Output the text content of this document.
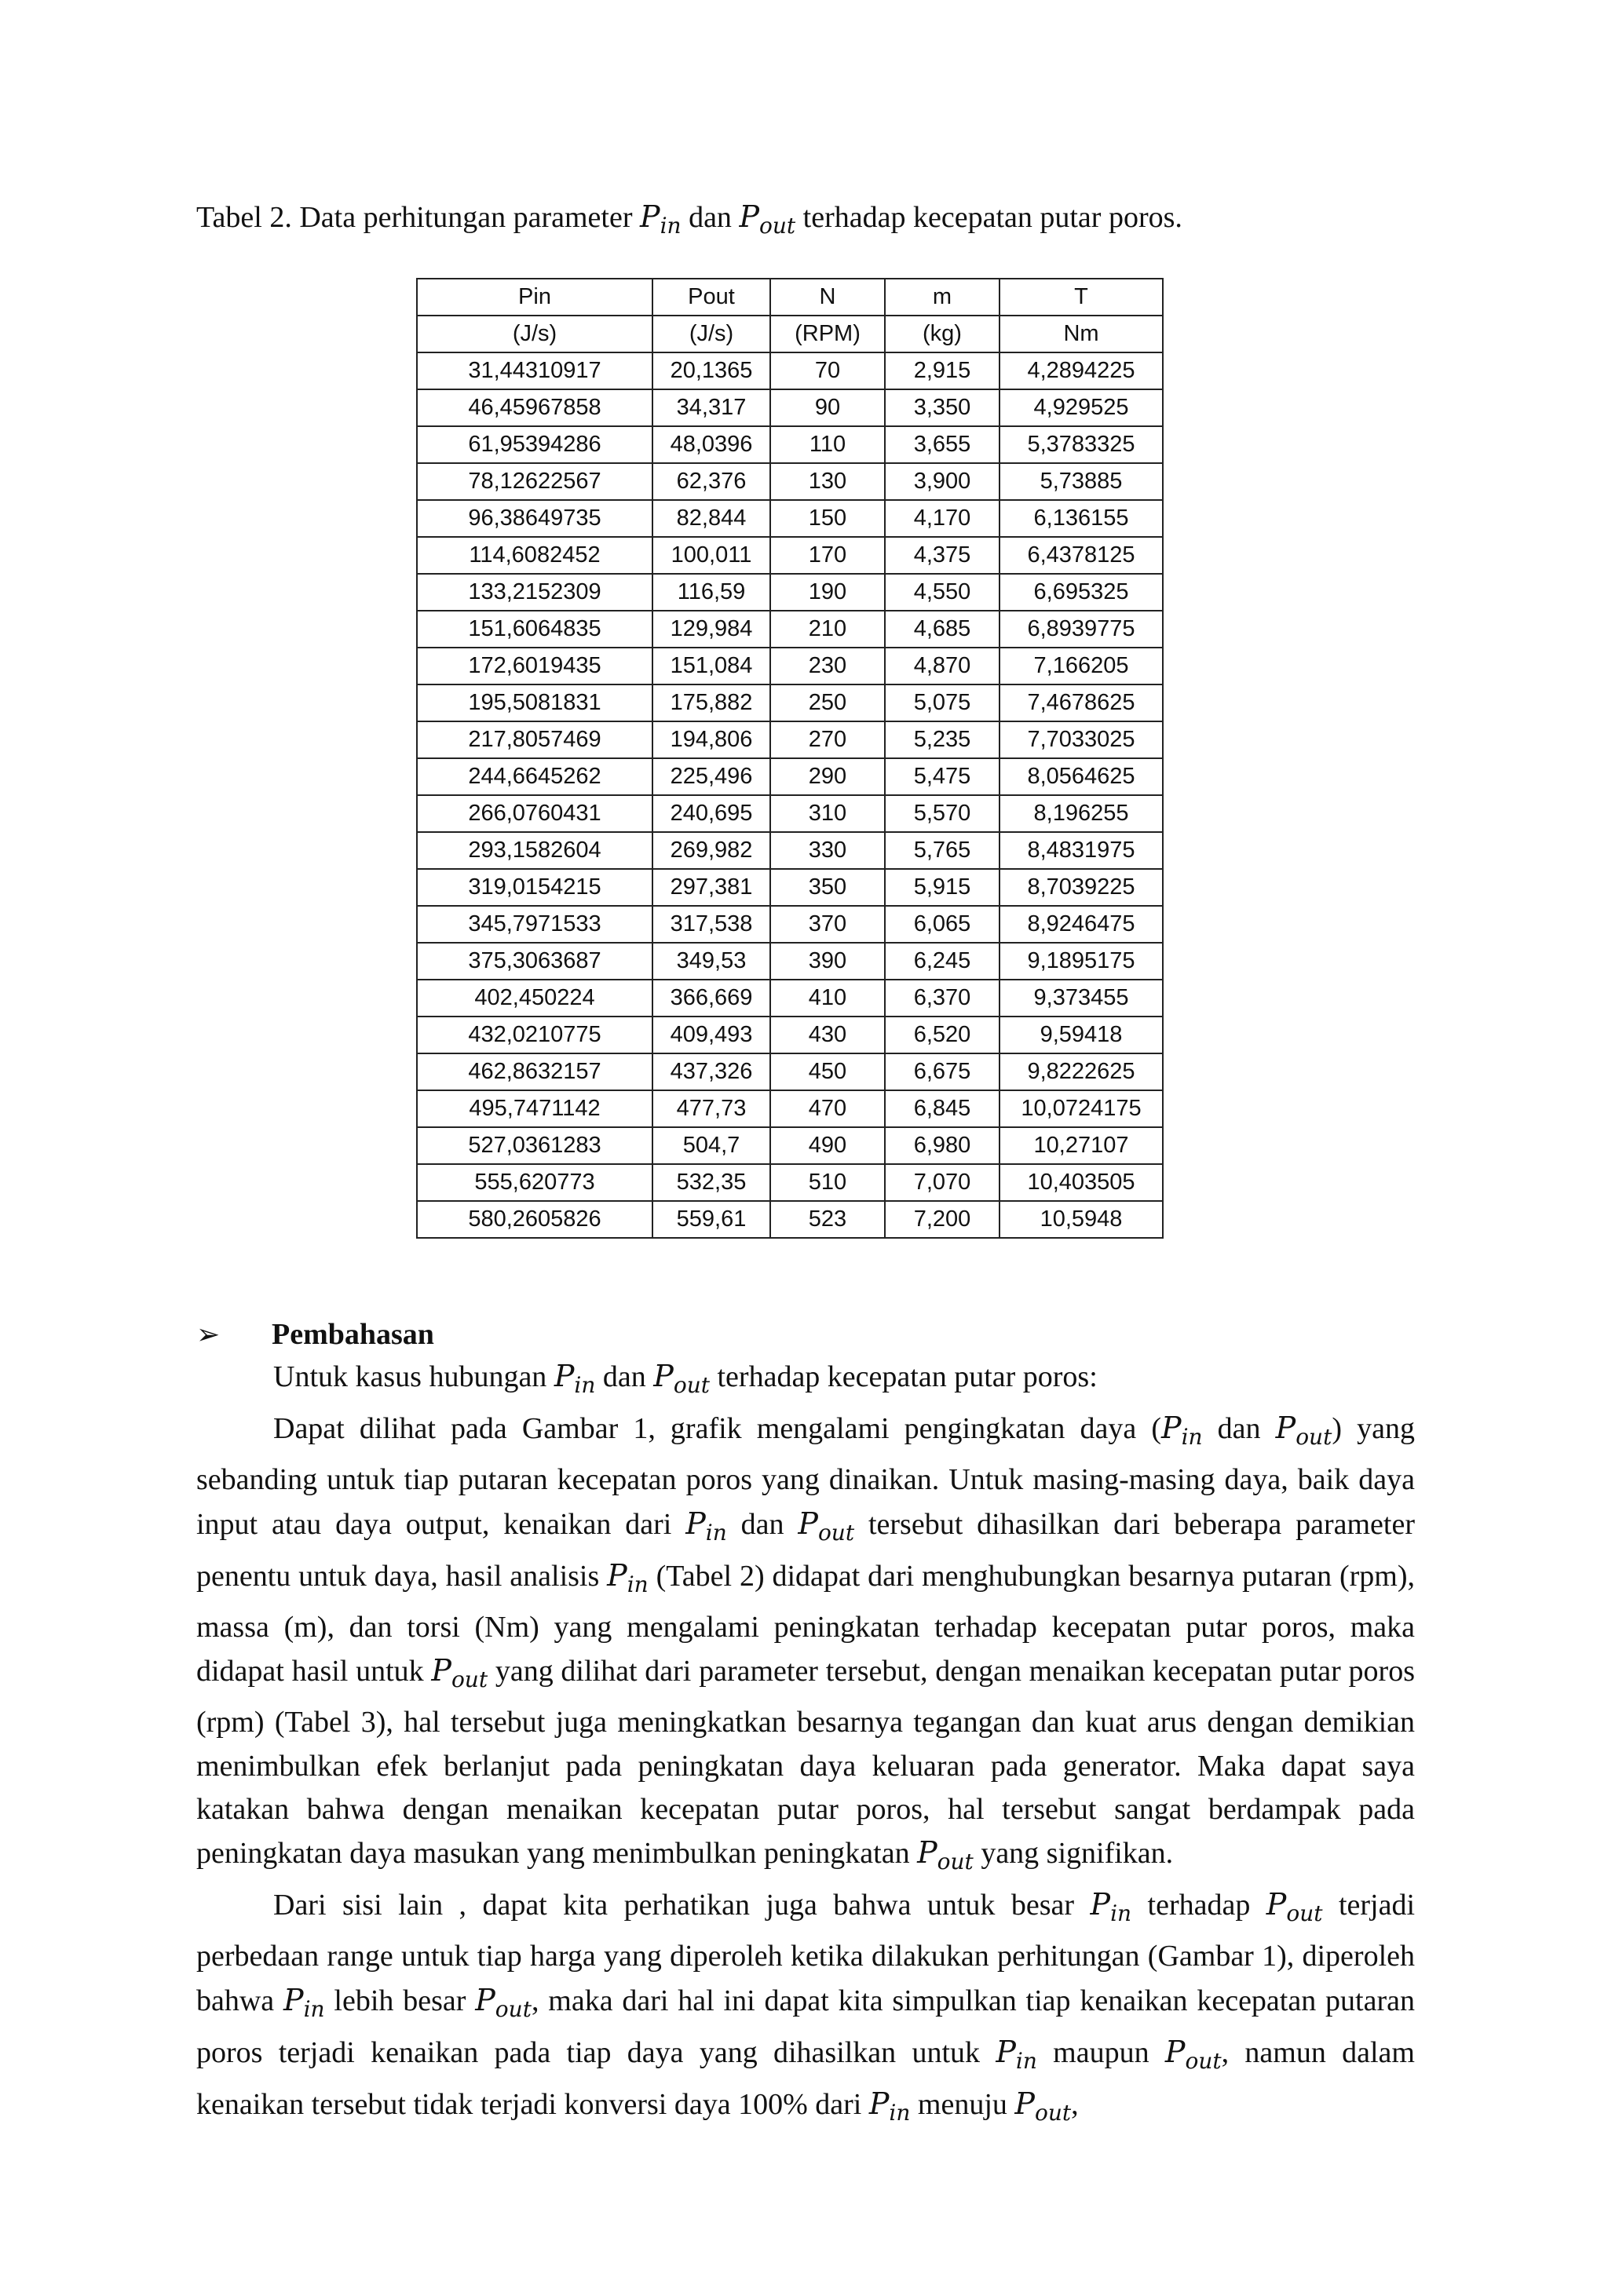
Tabel 2. Data perhitungan parameter $P_{in}$ dan $P_{out}$ terhadap kecepatan putar poros.
Pin	Pout	N	m	T
(J/s)	(J/s)	(RPM)	(kg)	Nm
31,44310917	20,1365	70	2,915	4,2894225
46,45967858	34,317	90	3,350	4,929525
61,95394286	48,0396	110	3,655	5,3783325
78,12622567	62,376	130	3,900	5,73885
96,38649735	82,844	150	4,170	6,136155
114,6082452	100,011	170	4,375	6,4378125
133,2152309	116,59	190	4,550	6,695325
151,6064835	129,984	210	4,685	6,8939775
172,6019435	151,084	230	4,870	7,166205
195,5081831	175,882	250	5,075	7,4678625
217,8057469	194,806	270	5,235	7,7033025
244,6645262	225,496	290	5,475	8,0564625
266,0760431	240,695	310	5,570	8,196255
293,1582604	269,982	330	5,765	8,4831975
319,0154215	297,381	350	5,915	8,7039225
345,7971533	317,538	370	6,065	8,9246475
375,3063687	349,53	390	6,245	9,1895175
402,450224	366,669	410	6,370	9,373455
432,0210775	409,493	430	6,520	9,59418
462,8632157	437,326	450	6,675	9,8222625
495,7471142	477,73	470	6,845	10,0724175
527,0361283	504,7	490	6,980	10,27107
555,620773	532,35	510	7,070	10,403505
580,2605826	559,61	523	7,200	10,5948
➢ Pembahasan

Untuk kasus hubungan $P_{in}$ dan $P_{out}$ terhadap kecepatan putar poros:

Dapat dilihat pada Gambar 1, grafik mengalami pengingkatan daya ($P_{in}$ dan $P_{out}$) yang sebanding untuk tiap putaran kecepatan poros yang dinaikan. Untuk masing-masing daya, baik daya input atau daya output, kenaikan dari $P_{in}$ dan $P_{out}$ tersebut dihasilkan dari beberapa parameter penentu untuk daya, hasil analisis $P_{in}$ (Tabel 2) didapat dari menghubungkan besarnya putaran (rpm), massa (m), dan torsi (Nm) yang mengalami peningkatan terhadap kecepatan putar poros, maka didapat hasil untuk $P_{out}$ yang dilihat dari parameter tersebut, dengan menaikan kecepatan putar poros (rpm) (Tabel 3), hal tersebut juga meningkatkan besarnya tegangan dan kuat arus dengan demikian menimbulkan efek berlanjut pada peningkatan daya keluaran pada generator. Maka dapat saya katakan bahwa dengan menaikan kecepatan putar poros, hal tersebut sangat berdampak pada peningkatan daya masukan yang menimbulkan peningkatan $P_{out}$ yang signifikan.

Dari sisi lain , dapat kita perhatikan juga bahwa untuk besar $P_{in}$ terhadap $P_{out}$ terjadi perbedaan range untuk tiap harga yang diperoleh ketika dilakukan perhitungan (Gambar 1), diperoleh bahwa $P_{in}$ lebih besar $P_{out}$, maka dari hal ini dapat kita simpulkan tiap kenaikan kecepatan putaran poros terjadi kenaikan pada tiap daya yang dihasilkan untuk $P_{in}$ maupun $P_{out}$, namun dalam kenaikan tersebut tidak terjadi konversi daya 100% dari $P_{in}$ menuju $P_{out}$,
